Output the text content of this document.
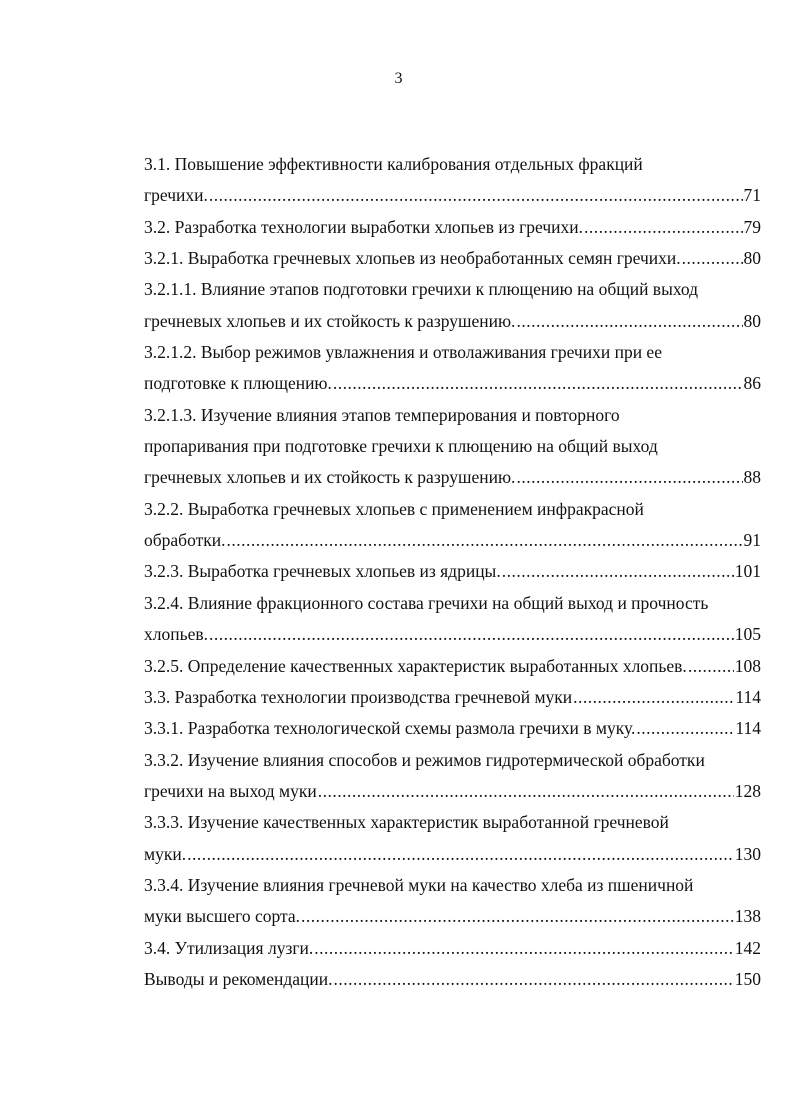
3
3.1. Повышение эффективности калибрования отдельных фракций
гречихи. .....	71
3.2. Разработка технологии выработки хлопьев из гречихи. .....	79
3.2.1. Выработка гречневых хлопьев из необработанных семян гречихи. .....	80
3.2.1.1. Влияние этапов подготовки гречихи к плющению на общий выход
гречневых хлопьев и их стойкость к разрушению. .....	80
3.2.1.2. Выбор режимов увлажнения и отволаживания гречихи при ее
подготовке к плющению. .....	86
3.2.1.3. Изучение влияния этапов темперирования и повторного
пропаривания при подготовке гречихи к плющению на общий выход
гречневых хлопьев и их стойкость к разрушению. .....	88
3.2.2. Выработка гречневых хлопьев с применением инфракрасной
обработки. .....	91
3.2.3. Выработка гречневых хлопьев из ядрицы. .....	101
3.2.4. Влияние фракционного состава гречихи на общий выход и прочность
хлопьев. .....	105
3.2.5. Определение качественных характеристик выработанных хлопьев. .....	108
3.3. Разработка технологии производства гречневой муки .....	114
3.3.1. Разработка технологической схемы размола гречихи в муку. .....	114
3.3.2. Изучение влияния способов и режимов гидротермической обработки
гречихи на выход муки .....	128
3.3.3. Изучение качественных характеристик выработанной гречневой
муки. .....	130
3.3.4. Изучение влияния гречневой муки на качество хлеба из пшеничной
муки высшего сорта. .....	138
3.4. Утилизация лузги. .....	142
Выводы и рекомендации. .....	150
